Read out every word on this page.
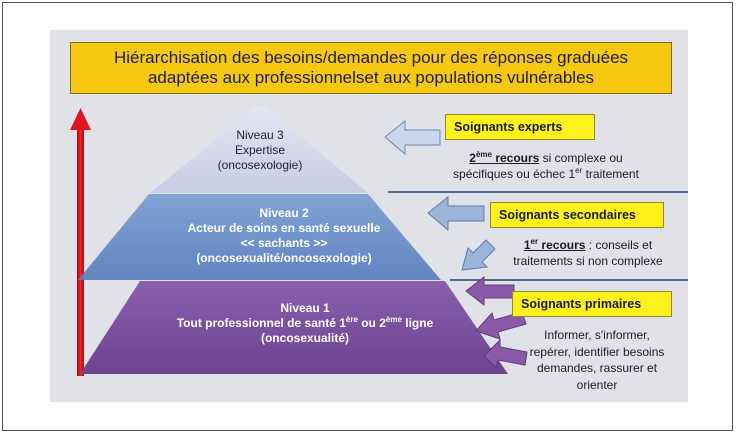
Hiérarchisation des besoins/demandes pour des réponses graduées
adaptées aux professionnelset aux populations vulnérables
Niveau 3
Expertise
(oncosexologie)
Niveau 2
Acteur de soins en santé sexuelle
<< sachants >>
(oncosexualité/oncosexologie)
Niveau 1
Tout professionnel de santé 1ère ou 2ème ligne
(oncosexualité)
Soignants experts
Soignants secondaires
Soignants primaires
2ème recours si complexe ou
spécifiques ou échec 1er traitement
1er recours : conseils et
traitements si non complexe
Informer, s'informer,
repérer, identifier besoins
demandes, rassurer et
orienter
